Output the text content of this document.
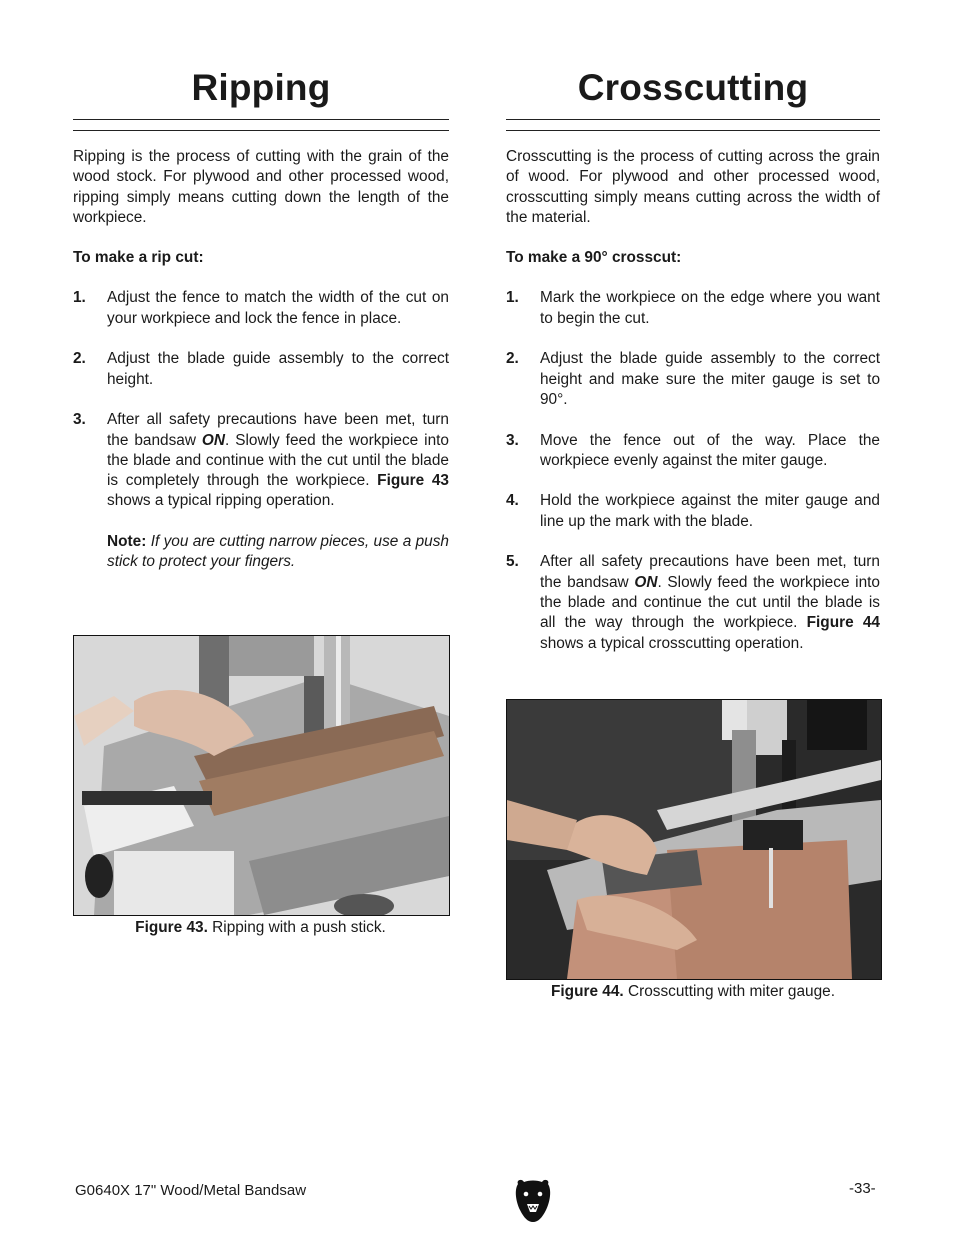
Ripping

Ripping is the process of cutting with the grain of the wood stock. For plywood and other processed wood, ripping simply means cutting down the length of the workpiece.

To make a rip cut:

1. Adjust the fence to match the width of the cut on your workpiece and lock the fence in place.
2. Adjust the blade guide assembly to the correct height.
3. After all safety precautions have been met, turn the bandsaw ON. Slowly feed the workpiece into the blade and continue with the cut until the blade is completely through the workpiece. Figure 43 shows a typical ripping operation.

Note: If you are cutting narrow pieces, use a push stick to protect your fingers.

Figure 43. Ripping with a push stick.
Crosscutting

Crosscutting is the process of cutting across the grain of wood. For plywood and other processed wood, crosscutting simply means cutting across the width of the material.

To make a 90° crosscut:

1. Mark the workpiece on the edge where you want to begin the cut.
2. Adjust the blade guide assembly to the correct height and make sure the miter gauge is set to 90°.
3. Move the fence out of the way. Place the workpiece evenly against the miter gauge.
4. Hold the workpiece against the miter gauge and line up the mark with the blade.
5. After all safety precautions have been met, turn the bandsaw ON. Slowly feed the workpiece into the blade and continue the cut until the blade is all the way through the workpiece. Figure 44 shows a typical crosscutting operation.
Figure 44. Crosscutting with miter gauge.
G0640X 17" Wood/Metal Bandsaw	-33-
